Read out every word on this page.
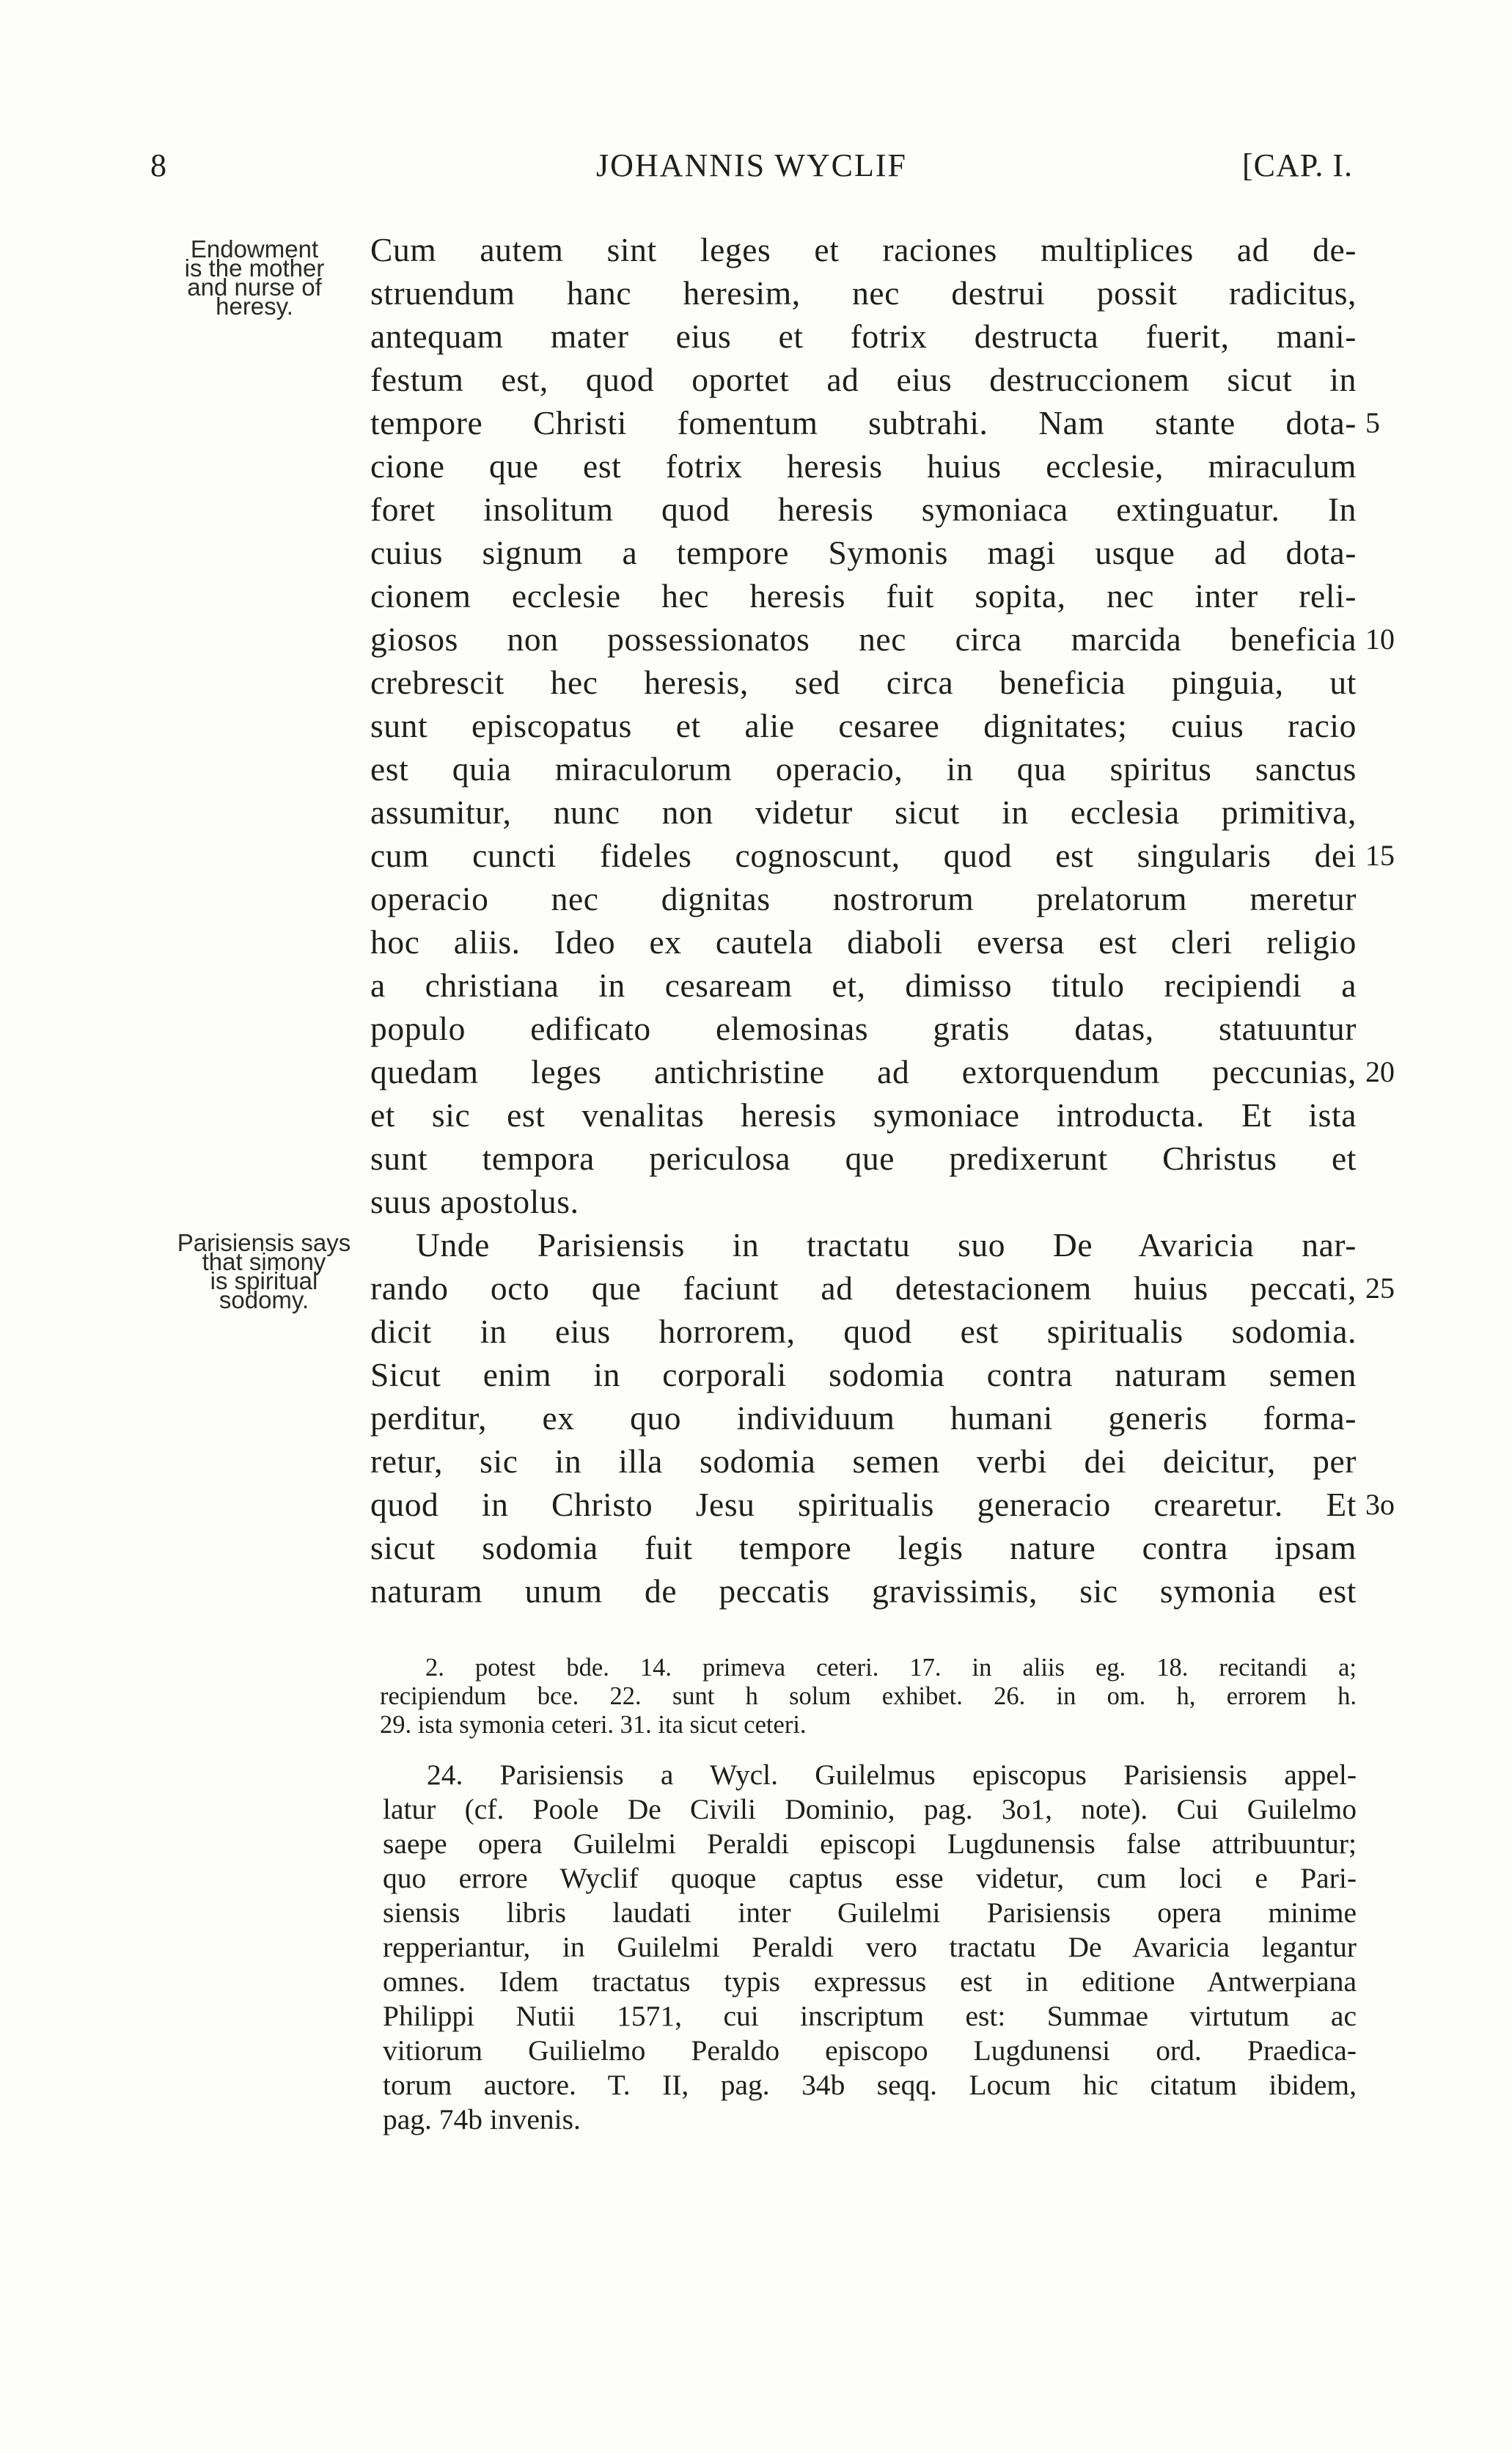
8	JOHANNIS WYCLIF	[CAP. I.
Endowment
is the mother
and nurse of
heresy.
Parisiensis says
that simony
is spiritual
sodomy.
Cum autem sint leges et raciones multiplices ad de-
struendum hanc heresim, nec destrui possit radicitus,
antequam mater eius et fotrix destructa fuerit, mani-
festum est, quod oportet ad eius destruccionem sicut in
tempore Christi fomentum subtrahi. Nam stante dota-
cione que est fotrix heresis huius ecclesie, miraculum
foret insolitum quod heresis symoniaca extinguatur. In
cuius signum a tempore Symonis magi usque ad dota-
cionem ecclesie hec heresis fuit sopita, nec inter reli-
giosos non possessionatos nec circa marcida beneficia
crebrescit hec heresis, sed circa beneficia pinguia, ut
sunt episcopatus et alie cesaree dignitates; cuius racio
est quia miraculorum operacio, in qua spiritus sanctus
assumitur, nunc non videtur sicut in ecclesia primitiva,
cum cuncti fideles cognoscunt, quod est singularis dei
operacio nec dignitas nostrorum prelatorum meretur
hoc aliis. Ideo ex cautela diaboli eversa est cleri religio
a christiana in cesaream et, dimisso titulo recipiendi a
populo edificato elemosinas gratis datas, statuuntur
quedam leges antichristine ad extorquendum peccunias,
et sic est venalitas heresis symoniace introducta. Et ista
sunt tempora periculosa que predixerunt Christus et
suus apostolus.
Unde Parisiensis in tractatu suo De Avaricia nar-
rando octo que faciunt ad detestacionem huius peccati,
dicit in eius horrorem, quod est spiritualis sodomia.
Sicut enim in corporali sodomia contra naturam semen
perditur, ex quo individuum humani generis forma-
retur, sic in illa sodomia semen verbi dei deicitur, per
quod in Christo Jesu spiritualis generacio crearetur. Et
sicut sodomia fuit tempore legis nature contra ipsam
naturam unum de peccatis gravissimis, sic symonia est
5
10
15
20
25
3o
2. potest bde. 14. primeva ceteri. 17. in aliis eg. 18. recitandi a;
recipiendum bce. 22. sunt h solum exhibet. 26. in om. h, errorem h.
29. ista symonia ceteri. 31. ita sicut ceteri.
24. Parisiensis a Wycl. Guilelmus episcopus Parisiensis appel-
latur (cf. Poole De Civili Dominio, pag. 3o1, note). Cui Guilelmo
saepe opera Guilelmi Peraldi episcopi Lugdunensis false attribuuntur;
quo errore Wyclif quoque captus esse videtur, cum loci e Pari-
siensis libris laudati inter Guilelmi Parisiensis opera minime
repperiantur, in Guilelmi Peraldi vero tractatu De Avaricia legantur
omnes. Idem tractatus typis expressus est in editione Antwerpiana
Philippi Nutii 1571, cui inscriptum est: Summae virtutum ac
vitiorum Guilielmo Peraldo episcopo Lugdunensi ord. Praedica-
torum auctore. T. II, pag. 34b seqq. Locum hic citatum ibidem,
pag. 74b invenis.
